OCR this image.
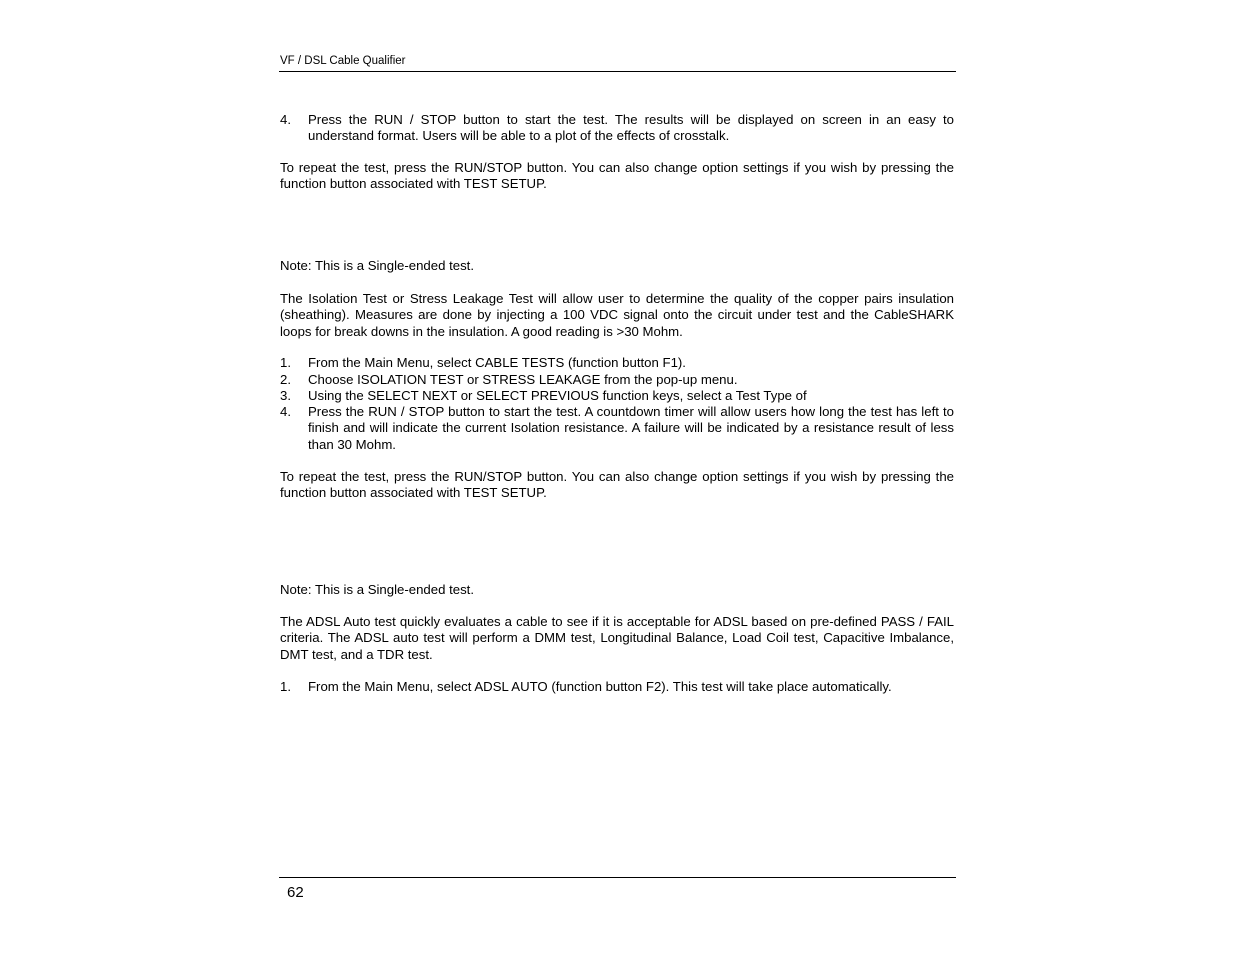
VF / DSL Cable Qualifier
4.	Press the RUN / STOP button to start the test. The results will be displayed on screen in an easy to understand format. Users will be able to a plot of the effects of crosstalk.
To repeat the test, press the RUN/STOP button. You can also change option settings if you wish by pressing the function button associated with TEST SETUP.
Note: This is a Single-ended test.
The Isolation Test or Stress Leakage Test will allow user to determine the quality of the copper pairs insulation (sheathing). Measures are done by injecting a 100 VDC signal onto the circuit under test and the CableSHARK loops for break downs in the insulation. A good reading is >30 Mohm.
1.	From the Main Menu, select CABLE TESTS (function button F1).
2.	Choose ISOLATION TEST or STRESS LEAKAGE from the pop-up menu.
3.	Using the SELECT NEXT or SELECT PREVIOUS function keys, select a Test Type of
4.	Press the RUN / STOP button to start the test. A countdown timer will allow users how long the test has left to finish and will indicate the current Isolation resistance. A failure will be indicated by a resistance result of less than 30 Mohm.
To repeat the test, press the RUN/STOP button. You can also change option settings if you wish by pressing the function button associated with TEST SETUP.
Note: This is a Single-ended test.
The ADSL Auto test quickly evaluates a cable to see if it is acceptable for ADSL based on pre-defined PASS / FAIL criteria. The ADSL auto test will perform a DMM test, Longitudinal Balance, Load Coil test, Capacitive Imbalance, DMT test, and a TDR test.
1.	From the Main Menu, select ADSL AUTO (function button F2). This test will take place automatically.
62
